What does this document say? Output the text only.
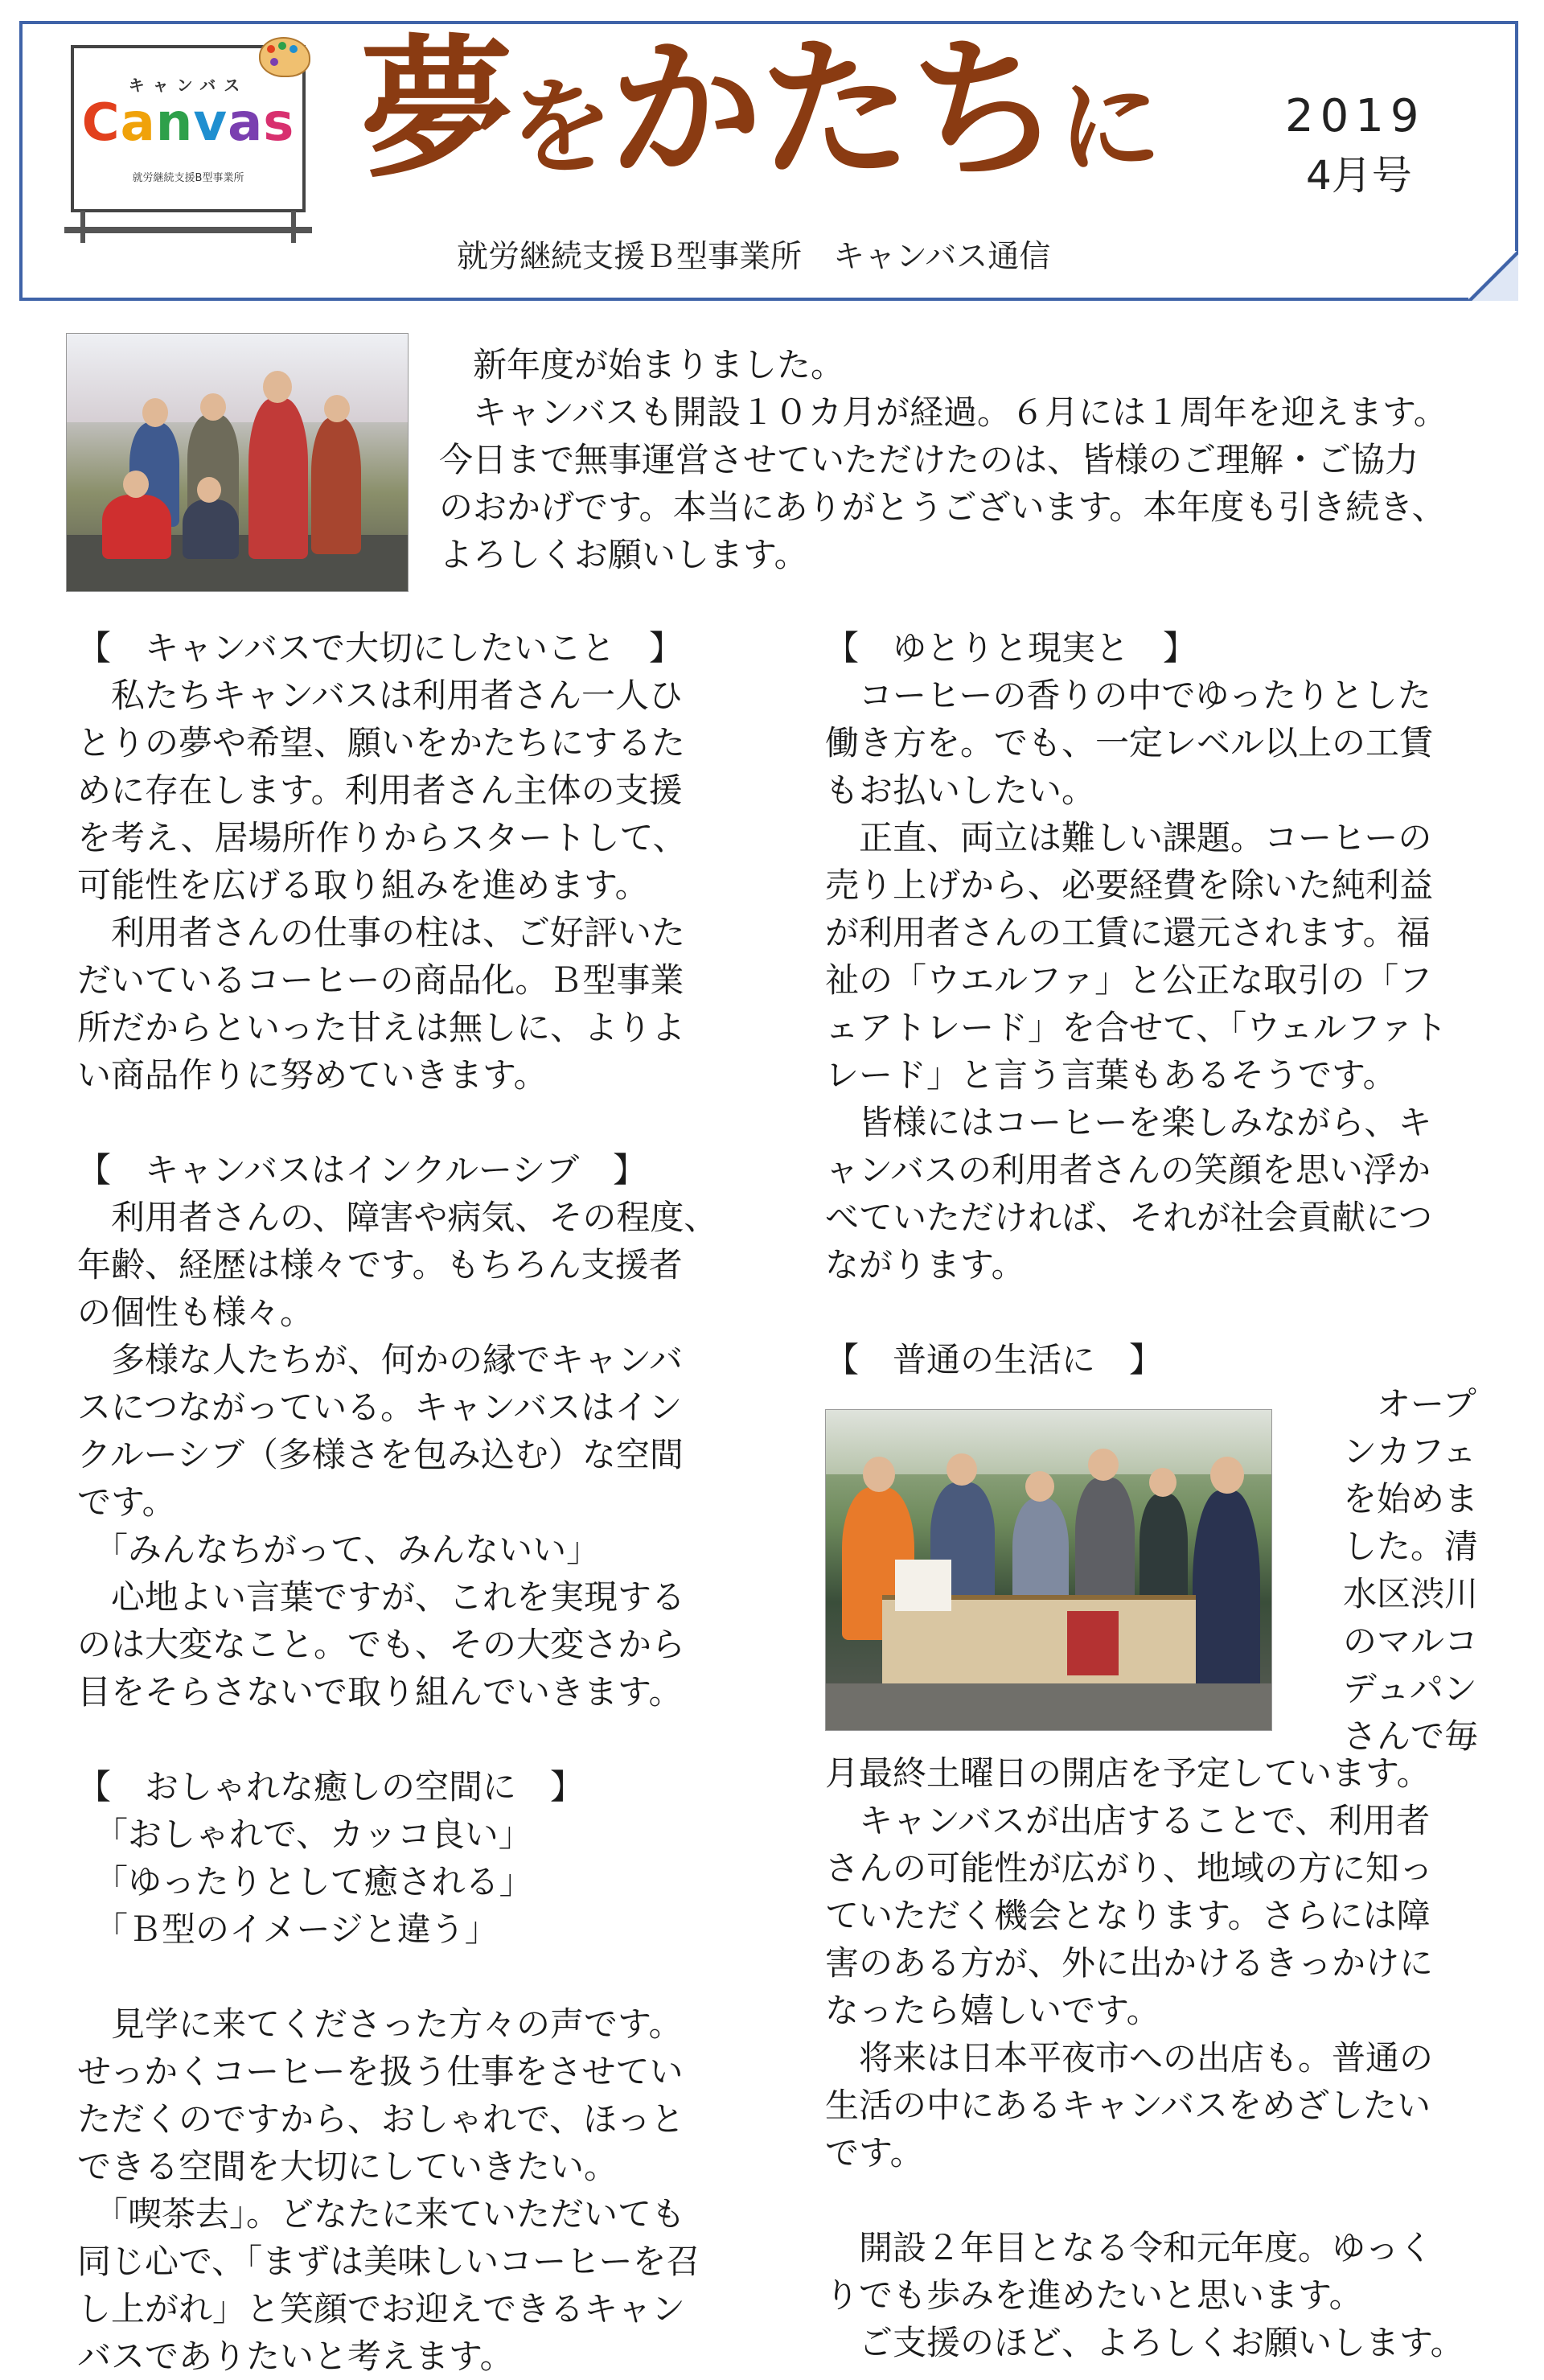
キャンバス
Canvas
就労継続支援B型事業所 夢をかたちに	2019
4月号
就労継続支援Ｂ型事業所　キャンバス通信
　新年度が始まりました。
　キャンバスも開設１０カ月が経過。６月には１周年を迎えます。
今日まで無事運営させていただけたのは、皆様のご理解・ご協力
のおかげです。本当にありがとうございます。本年度も引き続き、
よろしくお願いします。
【　キャンバスで大切にしたいこと　】
　私たちキャンバスは利用者さん一人ひ
とりの夢や希望、願いをかたちにするた
めに存在します。利用者さん主体の支援
を考え、居場所作りからスタートして、
可能性を広げる取り組みを進めます。
　利用者さんの仕事の柱は、ご好評いた
だいているコーヒーの商品化。Ｂ型事業
所だからといった甘えは無しに、よりよ
い商品作りに努めていきます。

【　キャンバスはインクルーシブ　】
　利用者さんの、障害や病気、その程度、
年齢、経歴は様々です。もちろん支援者
の個性も様々。
　多様な人たちが、何かの縁でキャンバ
スにつながっている。キャンバスはイン
クルーシブ（多様さを包み込む）な空間
です。
　「みんなちがって、みんないい」
　心地よい言葉ですが、これを実現する
のは大変なこと。でも、その大変さから
目をそらさないで取り組んでいきます。

【　おしゃれな癒しの空間に　】
　「おしゃれで、カッコ良い」
　「ゆったりとして癒される」
　「Ｂ型のイメージと違う」

　見学に来てくださった方々の声です。
せっかくコーヒーを扱う仕事をさせてい
ただくのですから、おしゃれで、ほっと
できる空間を大切にしていきたい。
　「喫茶去」。どなたに来ていただいても
同じ心で、「まずは美味しいコーヒーを召
し上がれ」と笑顔でお迎えできるキャン
バスでありたいと考えます。
【　ゆとりと現実と　】
　コーヒーの香りの中でゆったりとした
働き方を。でも、一定レベル以上の工賃
もお払いしたい。
　正直、両立は難しい課題。コーヒーの
売り上げから、必要経費を除いた純利益
が利用者さんの工賃に還元されます。福
祉の「ウエルファ」と公正な取引の「フ
ェアトレード」を合せて、「ウェルファト
レード」と言う言葉もあるそうです。
　皆様にはコーヒーを楽しみながら、キ
ャンバスの利用者さんの笑顔を思い浮か
べていただければ、それが社会貢献につ
ながります。

【　普通の生活に　】
　オープ
ンカフェ
を始めま
した。清
水区渋川
のマルコ
デュパン
さんで毎
月最終土曜日の開店を予定しています。
　キャンバスが出店することで、利用者
さんの可能性が広がり、地域の方に知っ
ていただく機会となります。さらには障
害のある方が、外に出かけるきっかけに
なったら嬉しいです。
　将来は日本平夜市への出店も。普通の
生活の中にあるキャンバスをめざしたい
です。

　開設２年目となる令和元年度。ゆっく
りでも歩みを進めたいと思います。
　ご支援のほど、よろしくお願いします。
